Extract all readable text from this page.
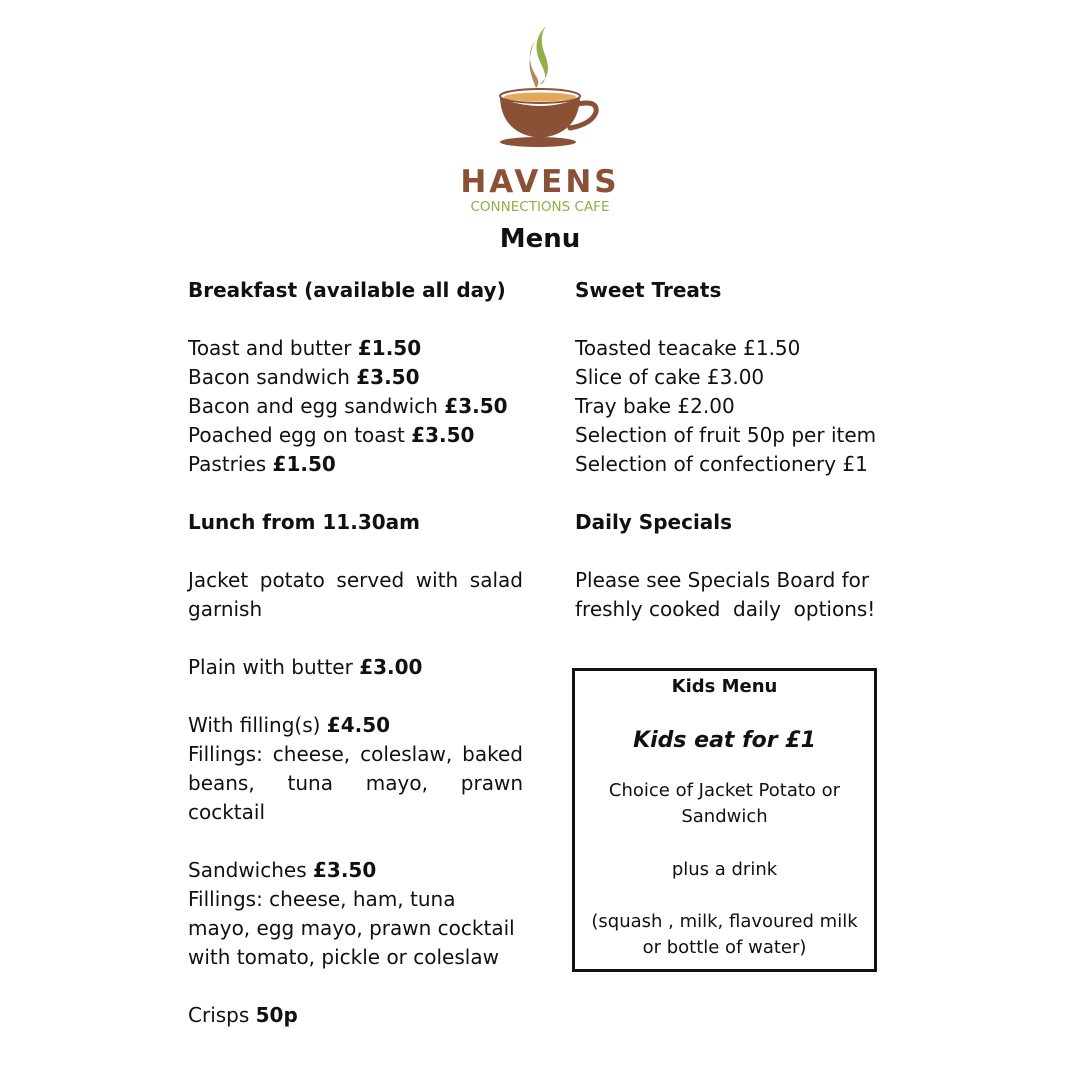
HAVENS
CONNECTIONS CAFE
Menu
Breakfast (available all day)
Toast and butter £1.50
Bacon sandwich £3.50
Bacon and egg sandwich £3.50
Poached egg on toast £3.50
Pastries £1.50
Lunch from 11.30am
Jacket potato served with salad garnish
Plain with butter £3.00
With filling(s) £4.50
Fillings: cheese, coleslaw, baked beans, tuna mayo, prawn cocktail
Sandwiches £3.50
Fillings: cheese, ham, tuna mayo, egg mayo, prawn cocktail
with tomato, pickle or coleslaw
Crisps 50p
Sweet Treats
Toasted teacake £1.50
Slice of cake £3.00
Tray bake £2.00
Selection of fruit 50p per item
Selection of confectionery £1
Daily Specials
Please see Specials Board for
freshly cooked  daily  options!
Kids Menu
Kids eat for £1
Choice of Jacket Potato or Sandwich
plus a drink
(squash , milk, flavoured milk or bottle of water)
